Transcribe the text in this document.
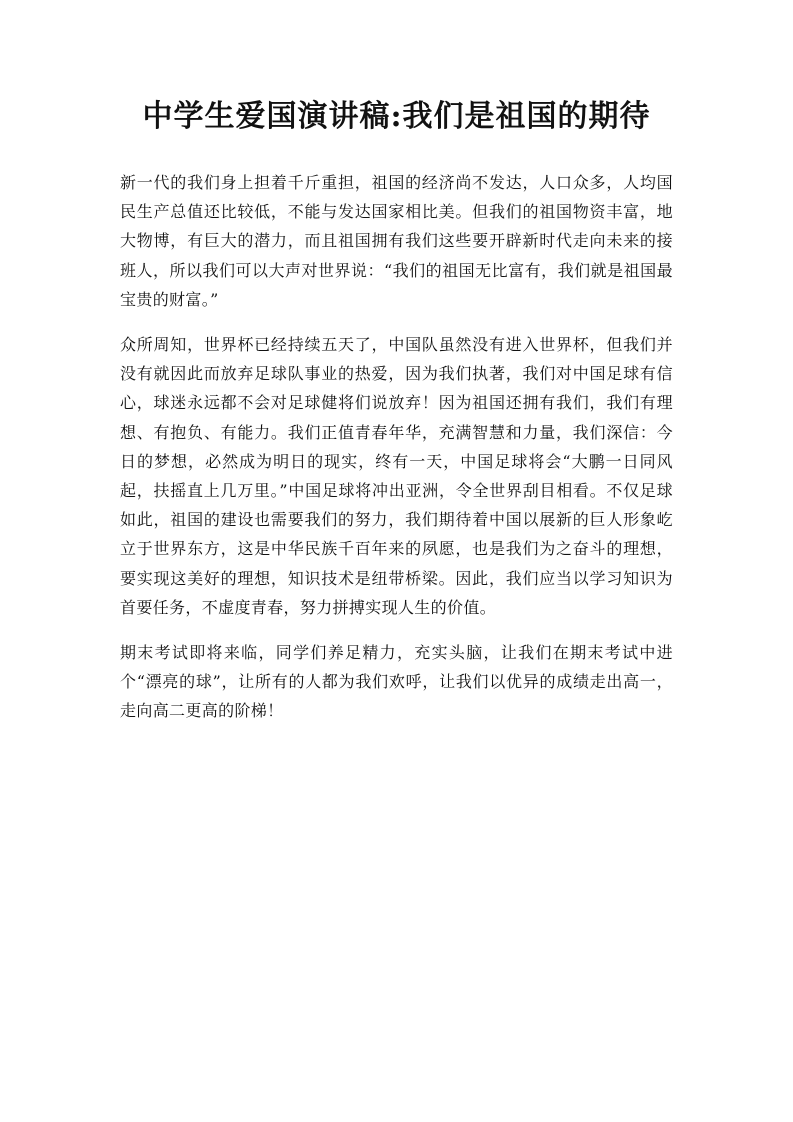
中学生爱国演讲稿:我们是祖国的期待

新一代的我们身上担着千斤重担，祖国的经济尚不发达，人口众多，人均国民生产总值还比较低，不能与发达国家相比美。但我们的祖国物资丰富，地大物博，有巨大的潜力，而且祖国拥有我们这些要开辟新时代走向未来的接班人，所以我们可以大声对世界说：“我们的祖国无比富有，我们就是祖国最宝贵的财富。”

众所周知，世界杯已经持续五天了，中国队虽然没有进入世界杯，但我们并没有就因此而放弃足球队事业的热爱，因为我们执著，我们对中国足球有信心，球迷永远都不会对足球健将们说放弃！因为祖国还拥有我们，我们有理想、有抱负、有能力。我们正值青春年华，充满智慧和力量，我们深信：今日的梦想，必然成为明日的现实，终有一天，中国足球将会“大鹏一日同风起，扶摇直上几万里。”中国足球将冲出亚洲，令全世界刮目相看。不仅足球如此，祖国的建设也需要我们的努力，我们期待着中国以展新的巨人形象屹立于世界东方，这是中华民族千百年来的夙愿，也是我们为之奋斗的理想，要实现这美好的理想，知识技术是纽带桥梁。因此，我们应当以学习知识为首要任务，不虚度青春，努力拼搏实现人生的价值。

期末考试即将来临，同学们养足精力，充实头脑，让我们在期末考试中进个“漂亮的球”，让所有的人都为我们欢呼，让我们以优异的成绩走出高一，走向高二更高的阶梯！
